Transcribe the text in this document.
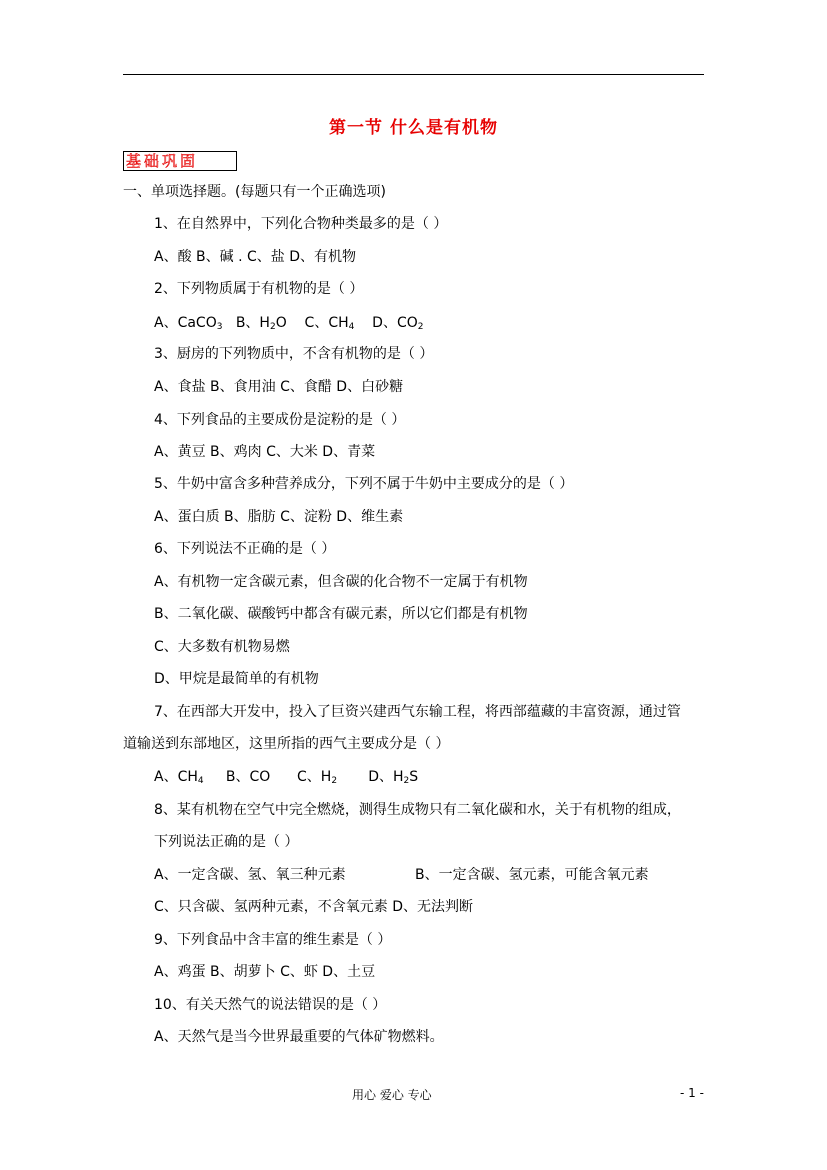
第一节 什么是有机物
基础巩固
一、单项选择题。(每题只有一个正确选项)
1、在自然界中，下列化合物种类最多的是（ ）
A、酸 B、碱 . C、盐 D、有机物
2、下列物质属于有机物的是（ ）
A、CaCO$_3$ B、$H_2O$ C、$CH_4$ D、$CO_2$
3、厨房的下列物质中，不含有机物的是（ ）
A、食盐 B、食用油 C、食醋 D、白砂糖
4、下列食品的主要成份是淀粉的是（ ）
A、黄豆 B、鸡肉 C、大米 D、青菜
5、牛奶中富含多种营养成分，下列不属于牛奶中主要成分的是（ ）
A、蛋白质 B、脂肪 C、淀粉 D、维生素
6、下列说法不正确的是（ ）
A、有机物一定含碳元素，但含碳的化合物不一定属于有机物
B、二氧化碳、碳酸钙中都含有碳元素，所以它们都是有机物
C、大多数有机物易燃
D、甲烷是最简单的有机物
7、在西部大开发中，投入了巨资兴建西气东输工程，将西部蕴藏的丰富资源，通过管
道输送到东部地区，这里所指的西气主要成分是（ ）
A、$CH_4$ B、CO C、$H_2$ D、$H_2S$
8、某有机物在空气中完全燃烧，测得生成物只有二氧化碳和水，关于有机物的组成，
下列说法正确的是（ ）
A、一定含碳、氢、氧三种元素	B、一定含碳、氢元素，可能含氧元素
C、只含碳、氢两种元素，不含氧元素 D、无法判断
9、下列食品中含丰富的维生素是（ ）
A、鸡蛋 B、胡萝卜 C、虾 D、土豆
10、有关天然气的说法错误的是（ ）
A、天然气是当今世界最重要的气体矿物燃料。
用心 爱心 专心	- 1 -
